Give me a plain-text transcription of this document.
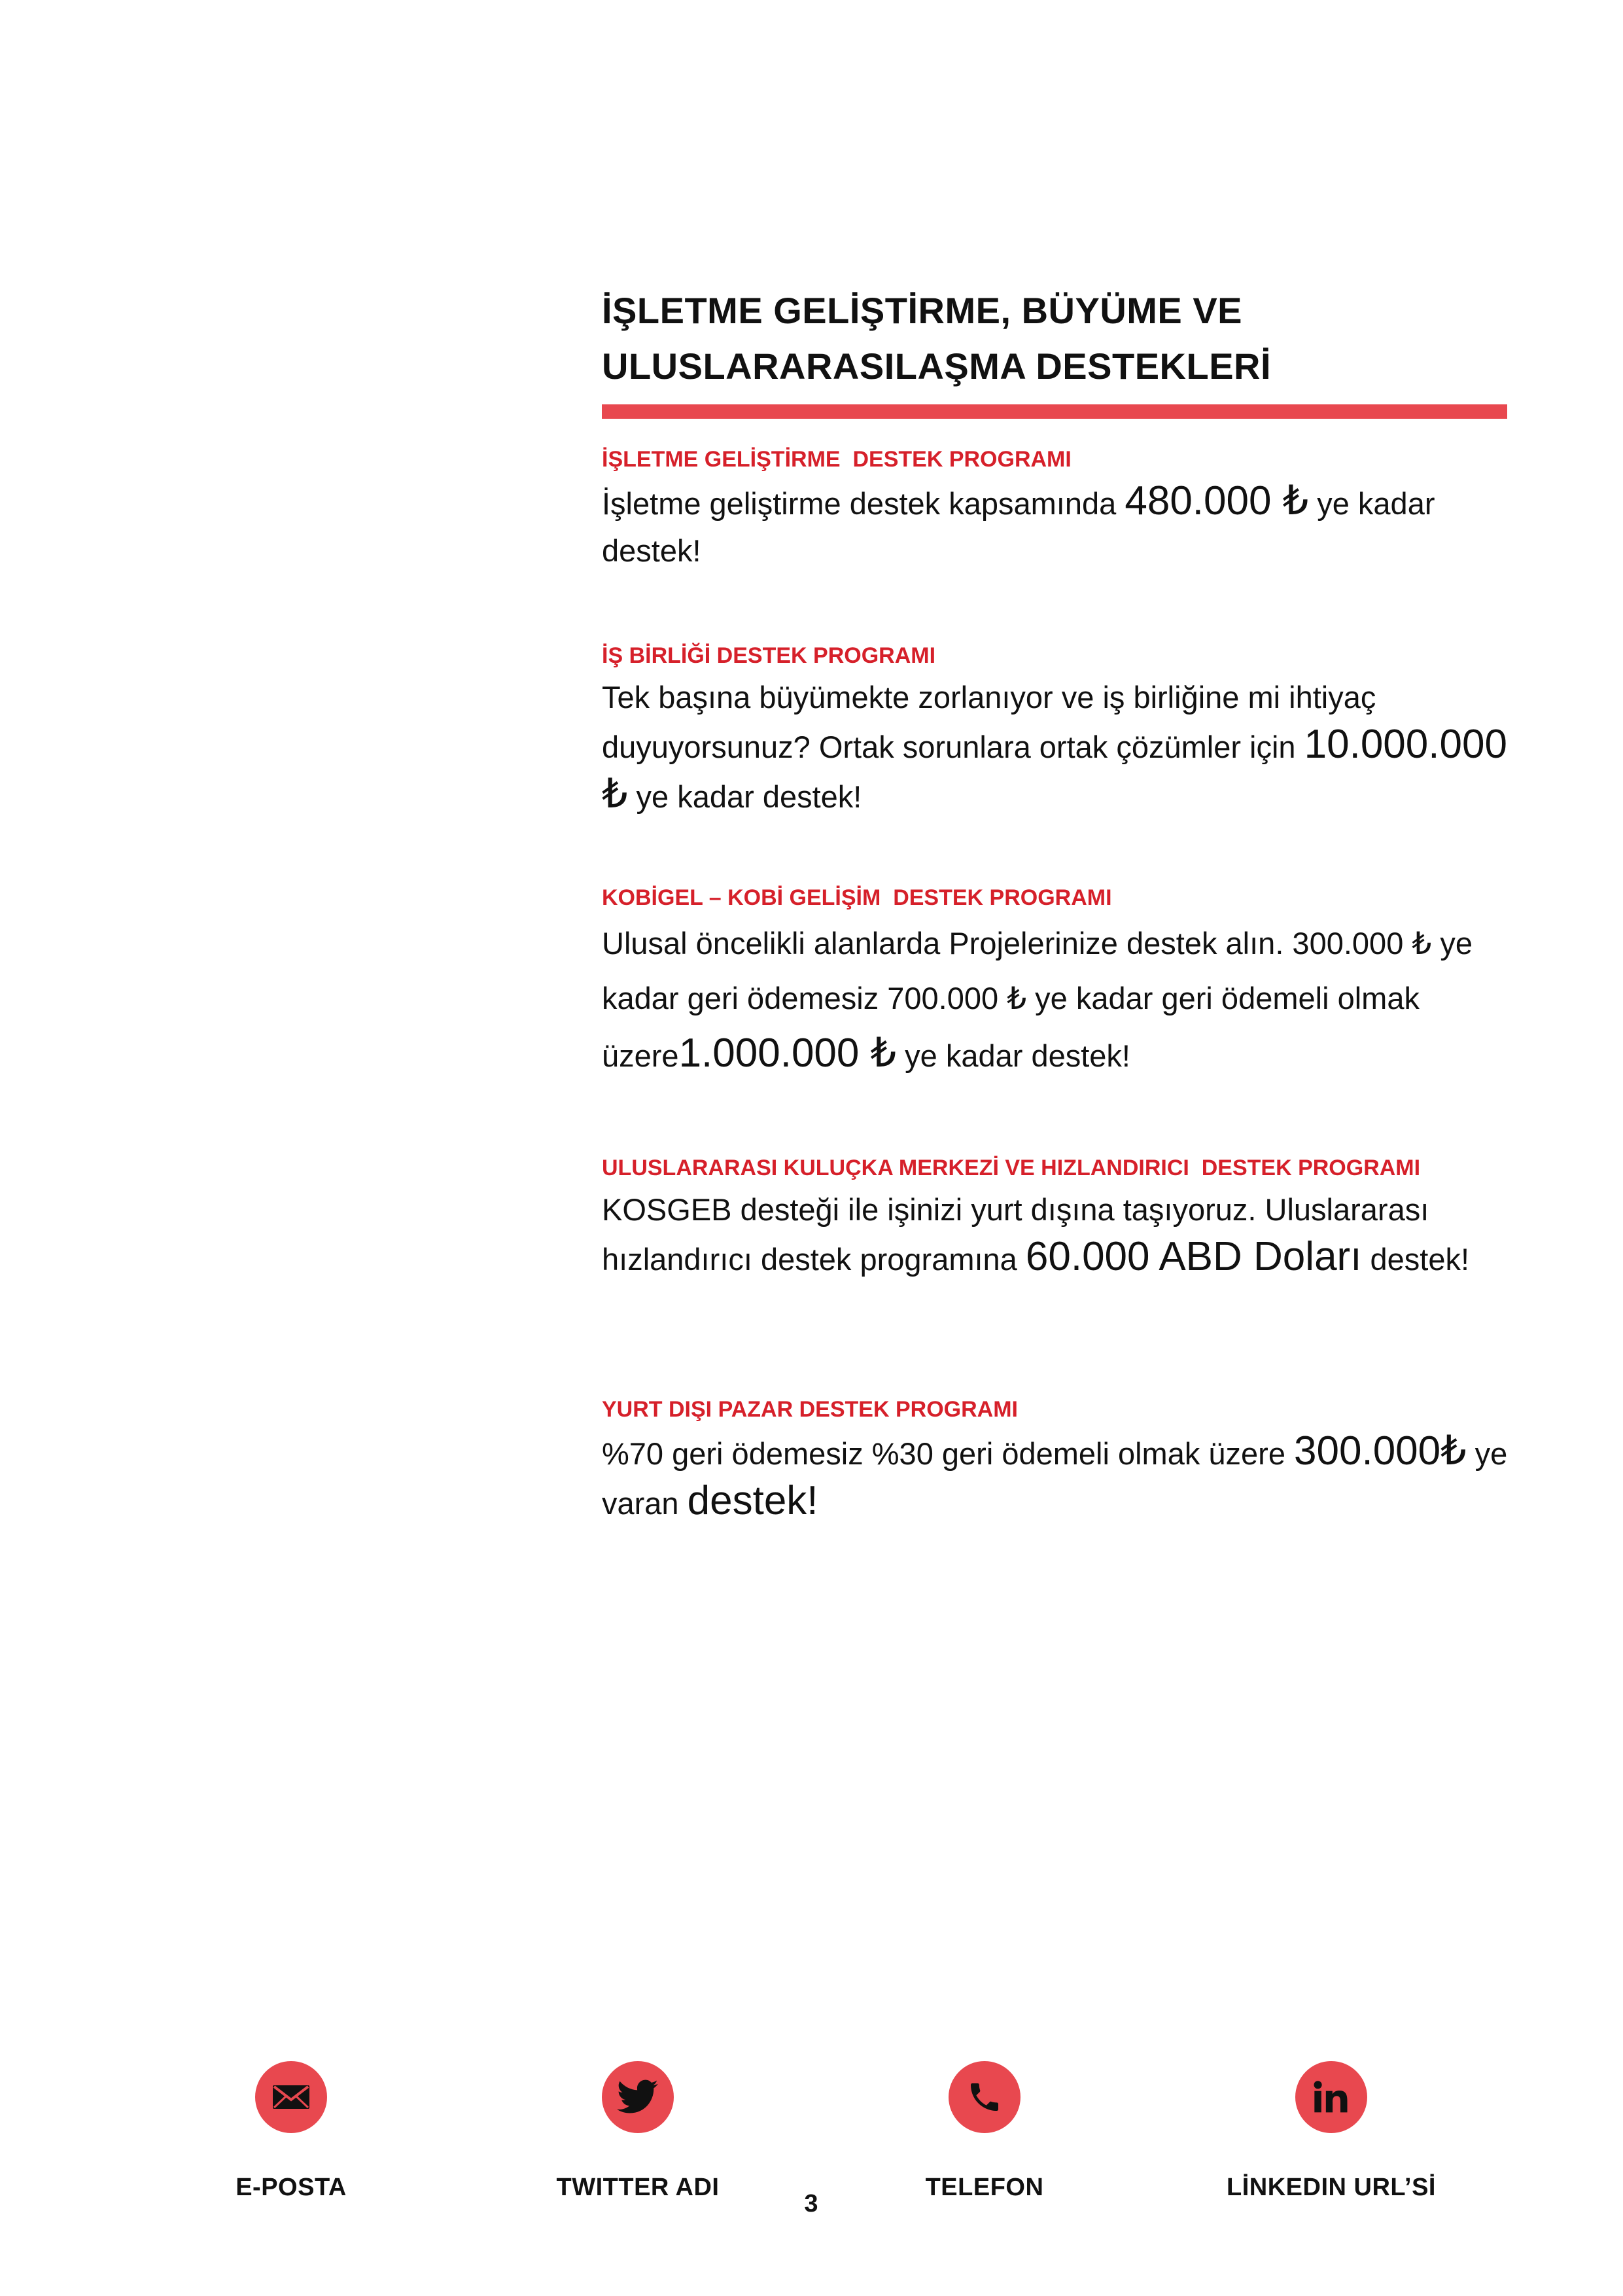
İŞLETME GELİŞTİRME, BÜYÜME VE
ULUSLARARASILAŞMA DESTEKLERİ
İŞLETME GELİŞTİRME  DESTEK PROGRAMI

İşletme geliştirme destek kapsamında 480.000 ₺ ye kadar destek!

İŞ BİRLİĞİ DESTEK PROGRAMI

Tek başına büyümekte zorlanıyor ve iş birliğine mi ihtiyaç duyuyorsunuz? Ortak sorunlara ortak çözümler için 10.000.000 ₺ ye kadar destek!

KOBİGEL – KOBİ GELİŞİM  DESTEK PROGRAMI

Ulusal öncelikli alanlarda Projelerinize destek alın. 300.000 ₺ ye kadar geri ödemesiz 700.000 ₺ ye kadar geri ödemeli olmak üzere1.000.000 ₺ ye kadar destek!

ULUSLARARASI KULUÇKA MERKEZİ VE HIZLANDIRICI  DESTEK PROGRAMI

KOSGEB desteği ile işinizi yurt dışına taşıyoruz. Uluslararası hızlandırıcı destek programına 60.000 ABD Doları destek!

YURT DIŞI PAZAR DESTEK PROGRAMI

%70 geri ödemesiz %30 geri ödemeli olmak üzere 300.000₺ ye varan destek!

E-POSTA	TWITTER ADI	TELEFON	LİNKEDIN URL’Sİ
3
